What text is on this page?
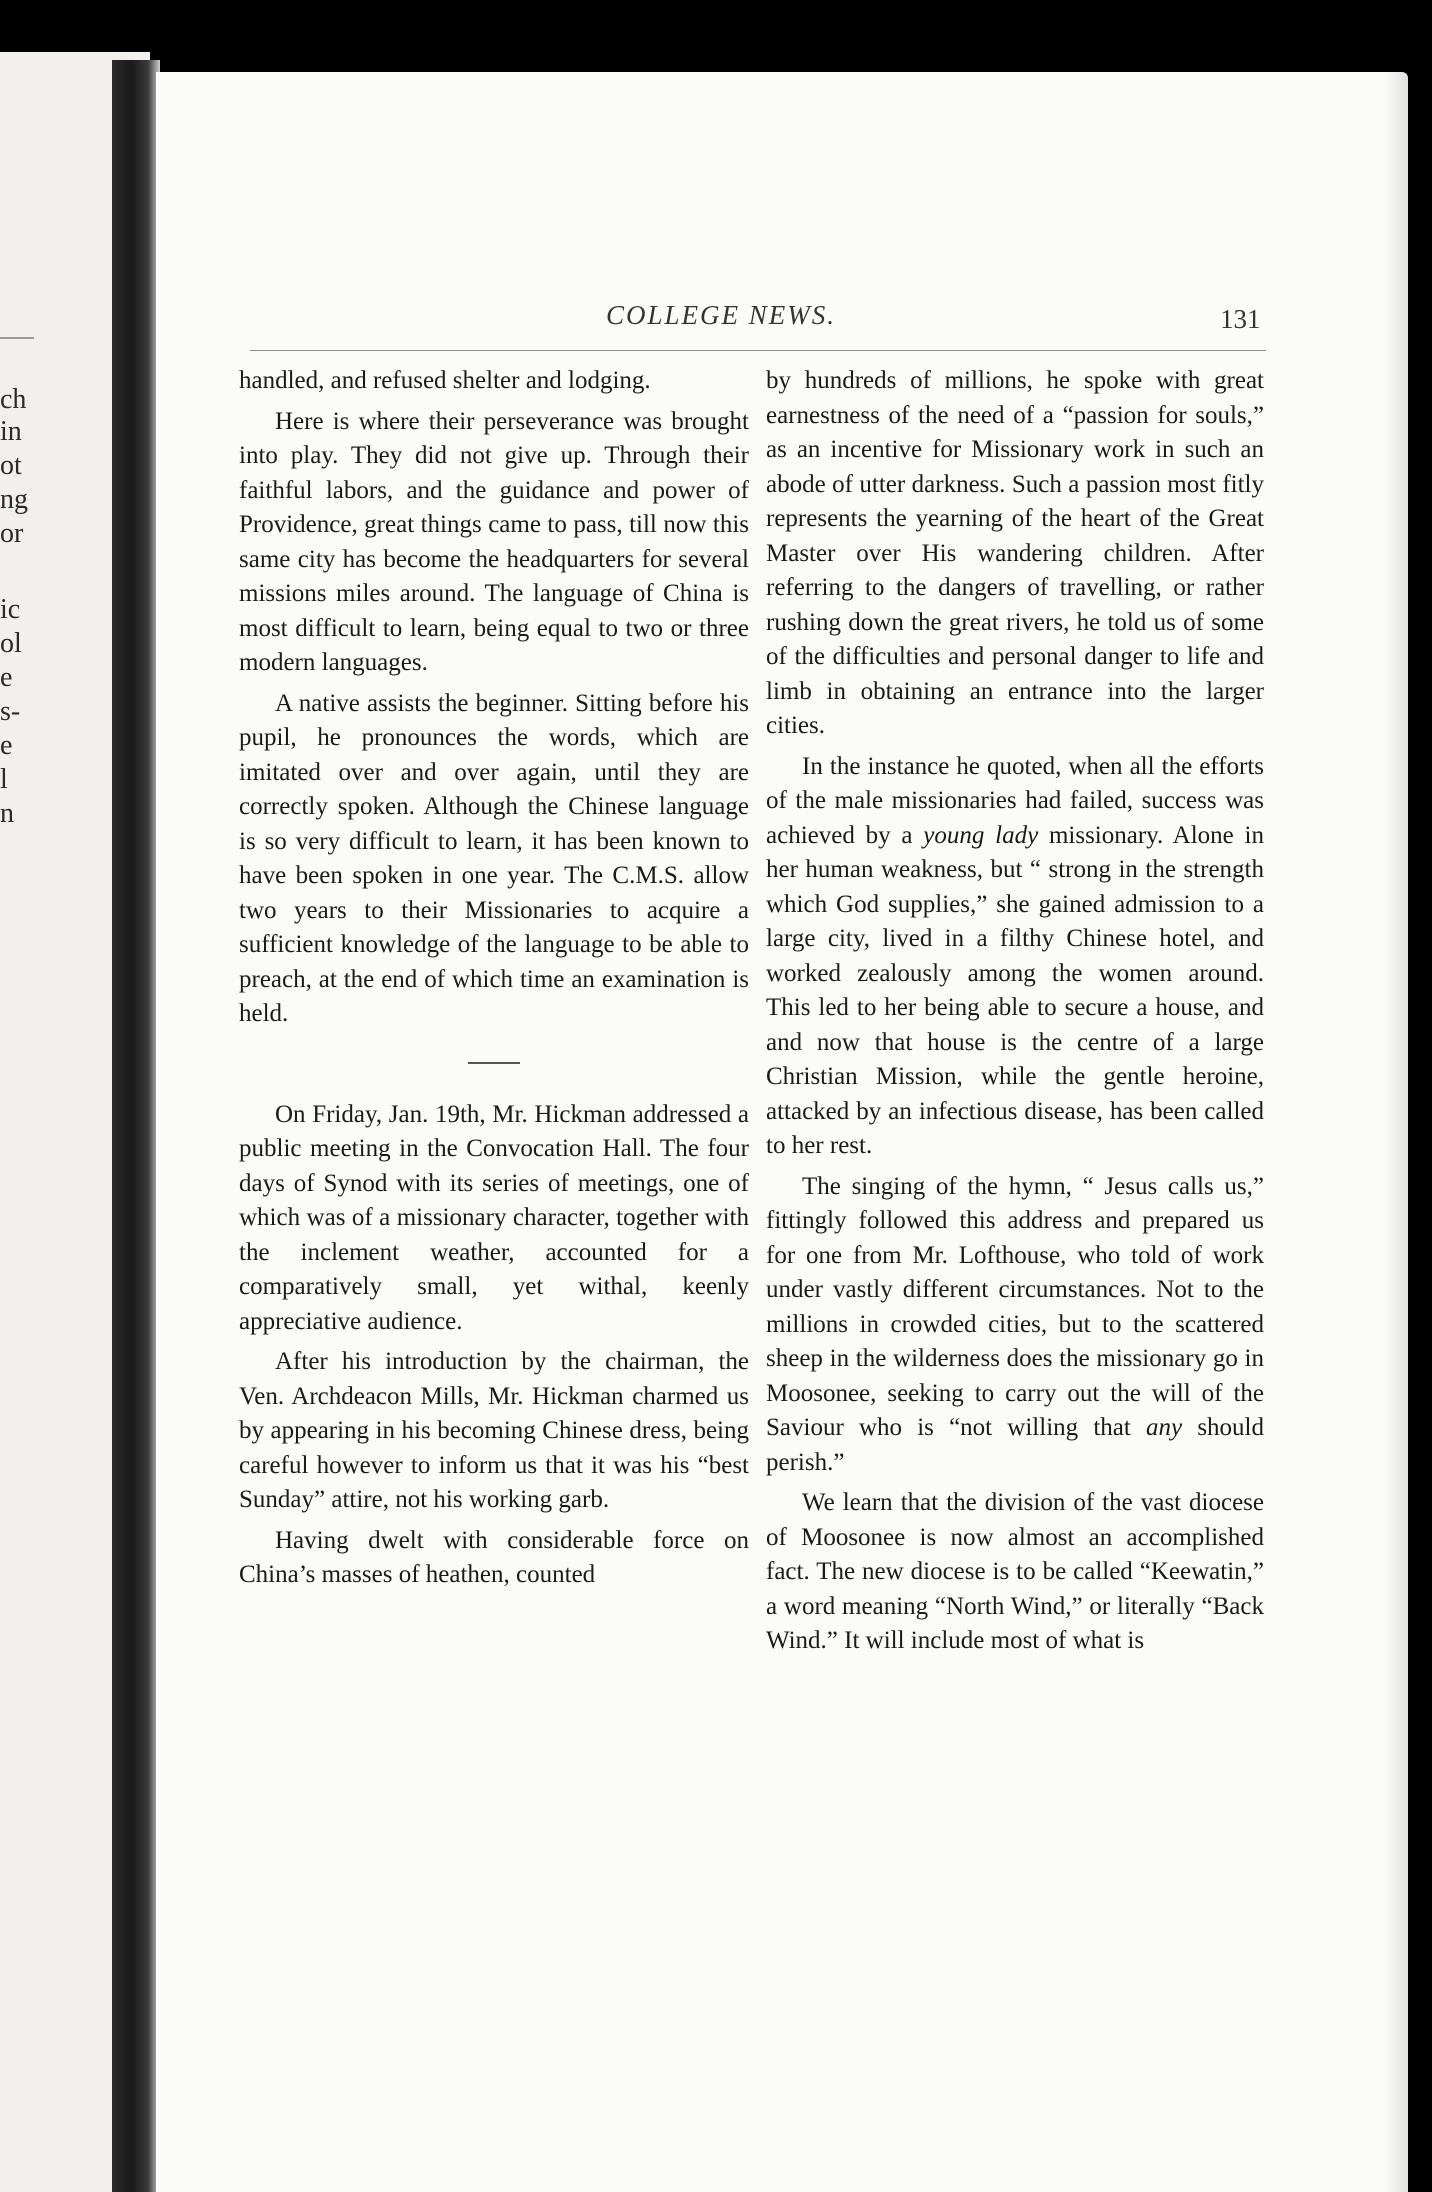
ch
in
ot
ng
or
ic
ol
e
s-
e
l
n
COLLEGE NEWS.	131

handled, and refused shelter and lodging.

Here is where their perseverance was brought into play. They did not give up. Through their faithful labors, and the guidance and power of Providence, great things came to pass, till now this same city has become the headquarters for several missions miles around. The language of China is most difficult to learn, being equal to two or three modern languages.

A native assists the beginner. Sitting before his pupil, he pronounces the words, which are imitated over and over again, until they are correctly spoken. Although the Chinese language is so very difficult to learn, it has been known to have been spoken in one year. The C.M.S. allow two years to their Missionaries to acquire a sufficient knowledge of the language to be able to preach, at the end of which time an examination is held.

On Friday, Jan. 19th, Mr. Hickman addressed a public meeting in the Convocation Hall. The four days of Synod with its series of meetings, one of which was of a missionary character, together with the inclement weather, accounted for a comparatively small, yet withal, keenly appreciative audience.

After his introduction by the chairman, the Ven. Archdeacon Mills, Mr. Hickman charmed us by appearing in his becoming Chinese dress, being careful however to inform us that it was his “best Sunday” attire, not his working garb.

Having dwelt with considerable force on China’s masses of heathen, counted

by hundreds of millions, he spoke with great earnestness of the need of a “passion for souls,” as an incentive for Missionary work in such an abode of utter darkness. Such a passion most fitly represents the yearning of the heart of the Great Master over His wandering children. After referring to the dangers of travelling, or rather rushing down the great rivers, he told us of some of the difficulties and personal danger to life and limb in obtaining an entrance into the larger cities.

In the instance he quoted, when all the efforts of the male missionaries had failed, success was achieved by a young lady missionary. Alone in her human weakness, but “ strong in the strength which God supplies,” she gained admission to a large city, lived in a filthy Chinese hotel, and worked zealously among the women around. This led to her being able to secure a house, and and now that house is the centre of a large Christian Mission, while the gentle heroine, attacked by an infectious disease, has been called to her rest.

The singing of the hymn, “ Jesus calls us,” fittingly followed this address and prepared us for one from Mr. Lofthouse, who told of work under vastly different circumstances. Not to the millions in crowded cities, but to the scattered sheep in the wilderness does the missionary go in Moosonee, seeking to carry out the will of the Saviour who is “not willing that any should perish.”

We learn that the division of the vast diocese of Moosonee is now almost an accomplished fact. The new diocese is to be called “Keewatin,” a word meaning “North Wind,” or literally “Back Wind.” It will include most of what is
